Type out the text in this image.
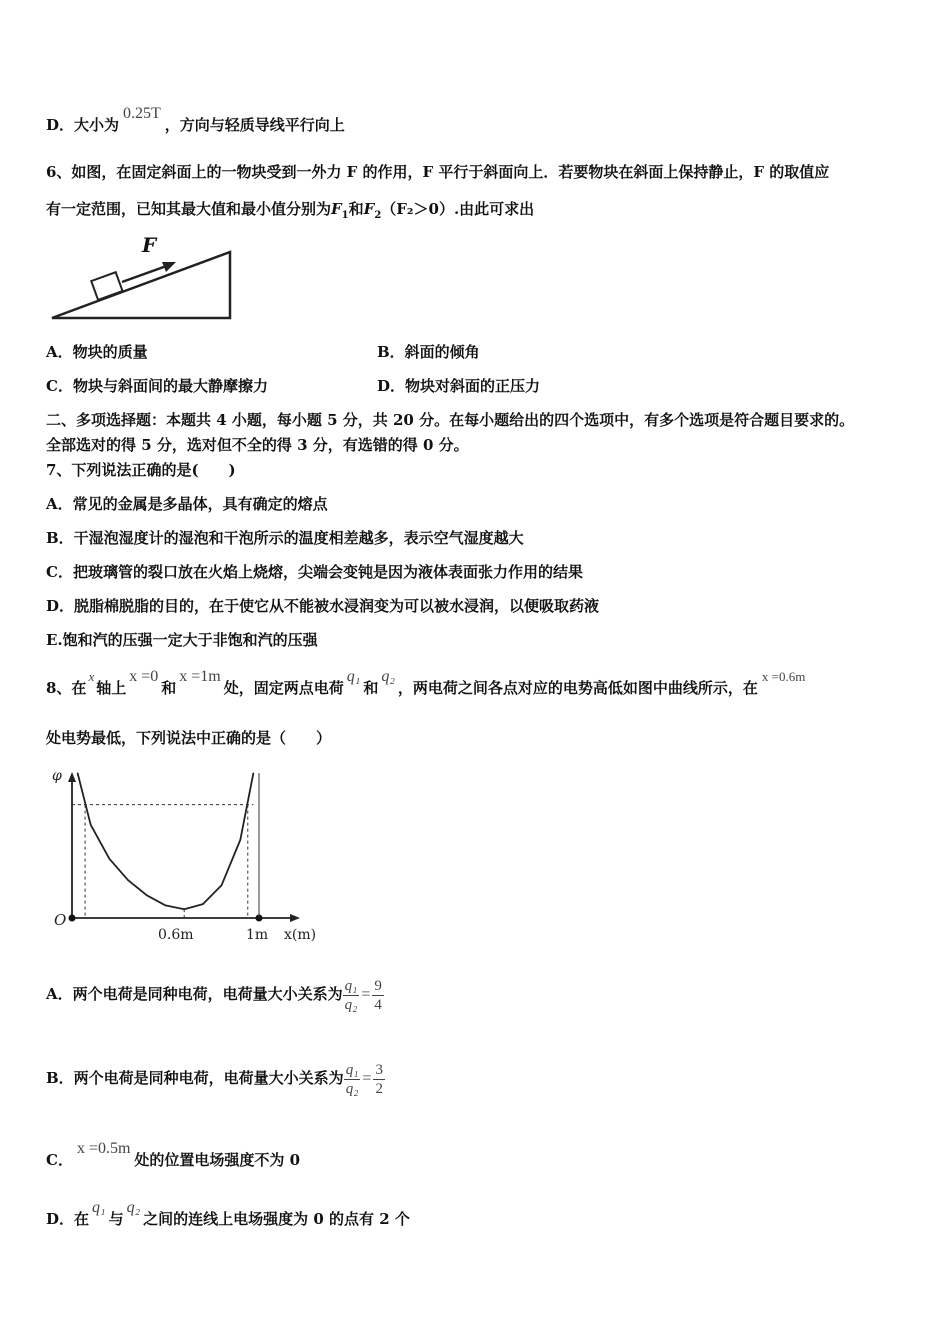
D．大小为0.25T，方向与轻质导线平行向上
6、如图，在固定斜面上的一物块受到一外力 F 的作用，F 平行于斜面向上．若要物块在斜面上保持静止，F 的取值应
有一定范围，已知其最大值和最小值分别为$F_1$和$F_2(F_2>0)$.由此可求出
F
A．物块的质量	B．斜面的倾角
C．物块与斜面间的最大静摩擦力	D．物块对斜面的正压力
二、多项选择题：本题共 4 小题，每小题 5 分，共 20 分。在每小题给出的四个选项中，有多个选项是符合题目要求的。
全部选对的得 5 分，选对但不全的得 3 分，有选错的得 0 分。
7、下列说法正确的是(　　)
A．常见的金属是多晶体，具有确定的熔点
B．干湿泡湿度计的湿泡和干泡所示的温度相差越多，表示空气湿度越大
C．把玻璃管的裂口放在火焰上烧熔，尖端会变钝是因为液体表面张力作用的结果
D．脱脂棉脱脂的目的，在于使它从不能被水浸润变为可以被水浸润，以便吸取药液
E.饱和汽的压强一定大于非饱和汽的压强
8、在x轴上x =0和x =1m处，固定两点电荷q₁和q₂，两电荷之间各点对应的电势高低如图中曲线所示，在x =0.6m
处电势最低，下列说法中正确的是（　　）
φ
O
x(m)
0.6m	1m
A．两个电荷是同种电荷，电荷量大小关系为 $\frac{\text{q₁}}{\text{q₂}} = \frac{9}{4}$
B．两个电荷是同种电荷，电荷量大小关系为 $\frac{\text{q₁}}{\text{q₂}} = \frac{3}{2}$
C．x =0.5m处的位置电场强度不为 0
D．在q₁与q₂之间的连线上电场强度为 0 的点有 2 个
